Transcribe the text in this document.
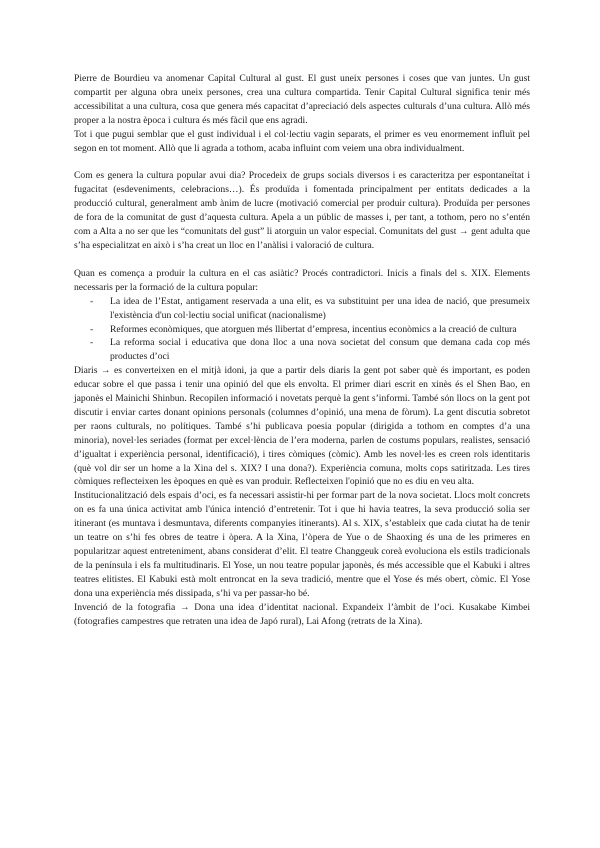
Pierre de Bourdieu va anomenar Capital Cultural al gust. El gust uneix persones i coses que van juntes. Un gust compartit per alguna obra uneix persones, crea una cultura compartida. Tenir Capital Cultural significa tenir més accessibilitat a una cultura, cosa que genera més capacitat d’apreciació dels aspectes culturals d’una cultura. Allò més proper a la nostra època i cultura és més fàcil que ens agradi.

Tot i que pugui semblar que el gust individual i el col·lectiu vagin separats, el primer es veu enormement influït pel segon en tot moment. Allò que li agrada a tothom, acaba influint com veiem una obra individualment.

Com es genera la cultura popular avui dia? Procedeix de grups socials diversos i es caracteritza per espontaneïtat i fugacitat (esdeveniments, celebracions…). És produïda i fomentada principalment per entitats dedicades a la producció cultural, generalment amb ànim de lucre (motivació comercial per produir cultura). Produïda per persones de fora de la comunitat de gust d’aquesta cultura. Apela a un públic de masses i, per tant, a tothom, pero no s’entén com a Alta a no ser que les “comunitats del gust” li atorguin un valor especial. Comunitats del gust → gent adulta que s’ha especialitzat en això i s’ha creat un lloc en l’anàlisi i valoració de cultura.

Quan es comença a produir la cultura en el cas asiàtic? Procés contradictori. Inicis a finals del s. XIX. Elements necessaris per la formació de la cultura popular:

- La idea de l’Estat, antigament reservada a una elit, es va substituint per una idea de nació, que presumeix l'existència d'un col·lectiu social unificat (nacionalisme)
- Reformes econòmiques, que atorguen més llibertat d’empresa, incentius econòmics a la creació de cultura
- La reforma social i educativa que dona lloc a una nova societat del consum que demana cada cop més productes d’oci

Diaris → es converteixen en el mitjà idoni, ja que a partir dels diaris la gent pot saber què és important, es poden educar sobre el que passa i tenir una opinió del que els envolta. El primer diari escrit en xinès és el Shen Bao, en japonès el Mainichi Shinbun. Recopilen informació i novetats perquè la gent s’informi. També són llocs on la gent pot discutir i enviar cartes donant opinions personals (columnes d’opinió, una mena de fòrum). La gent discutia sobretot per raons culturals, no polítiques. També s’hi publicava poesia popular (dirigida a tothom en comptes d’a una minoria), novel·les seriades (format per excel·lència de l’era moderna, parlen de costums populars, realistes, sensació d’igualtat i experiència personal, identificació), i tires còmiques (còmic). Amb les novel·les es creen rols identitaris (què vol dir ser un home a la Xina del s. XIX? I una dona?). Experiència comuna, molts cops satiritzada. Les tires còmiques reflecteixen les èpoques en què es van produir. Reflecteixen l'opinió que no es diu en veu alta.

Institucionalització dels espais d’oci, es fa necessari assistir-hi per formar part de la nova societat. Llocs molt concrets on es fa una única activitat amb l'única intenció d’entretenir. Tot i que hi havia teatres, la seva producció solia ser itinerant (es muntava i desmuntava, diferents companyies itinerants). Al s. XIX, s’estableix que cada ciutat ha de tenir un teatre on s’hi fes obres de teatre i òpera. A la Xina, l’òpera de Yue o de Shaoxing és una de les primeres en popularitzar aquest entreteniment, abans considerat d’elit. El teatre Changgeuk coreà evoluciona els estils tradicionals de la península i els fa multitudinaris. El Yose, un nou teatre popular japonès, és més accessible que el Kabuki i altres teatres elitistes. El Kabuki està molt entroncat en la seva tradició, mentre que el Yose és més obert, còmic. El Yose dona una experiència més dissipada, s’hi va per passar-ho bé.

Invenció de la fotografia → Dona una idea d’identitat nacional. Expandeix l’àmbit de l’oci. Kusakabe Kimbei (fotografies campestres que retraten una idea de Japó rural), Lai Afong (retrats de la Xina).
